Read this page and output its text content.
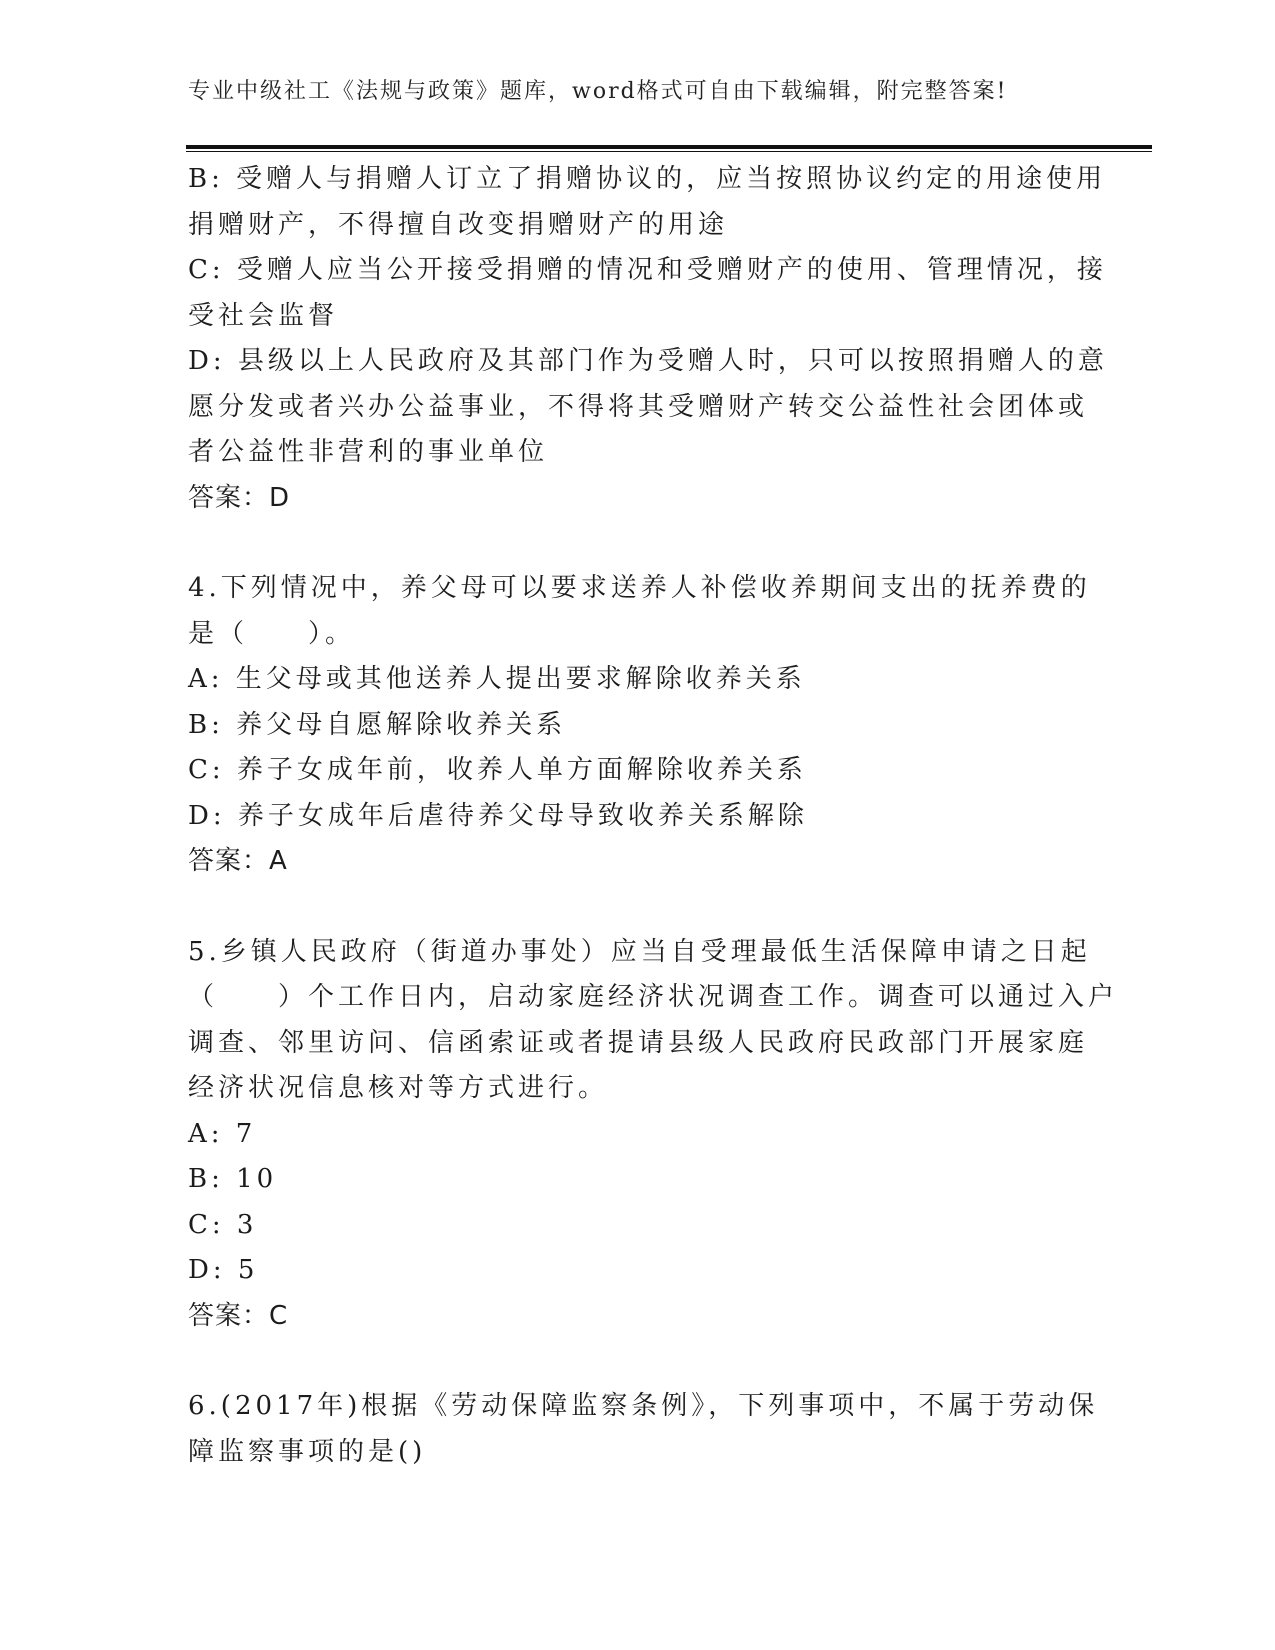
专业中级社工《法规与政策》题库，word格式可自由下载编辑，附完整答案!
B: 受赠人与捐赠人订立了捐赠协议的，应当按照协议约定的用途使用
捐赠财产，不得擅自改变捐赠财产的用途
C: 受赠人应当公开接受捐赠的情况和受赠财产的使用、管理情况，接
受社会监督
D: 县级以上人民政府及其部门作为受赠人时，只可以按照捐赠人的意
愿分发或者兴办公益事业，不得将其受赠财产转交公益性社会团体或
者公益性非营利的事业单位
答案：D
4.下列情况中，养父母可以要求送养人补偿收养期间支出的抚养费的
是（　　）。
A: 生父母或其他送养人提出要求解除收养关系
B: 养父母自愿解除收养关系
C: 养子女成年前，收养人单方面解除收养关系
D: 养子女成年后虐待养父母导致收养关系解除
答案：A
5.乡镇人民政府（街道办事处）应当自受理最低生活保障申请之日起
（　　）个工作日内，启动家庭经济状况调查工作。调查可以通过入户
调查、邻里访问、信函索证或者提请县级人民政府民政部门开展家庭
经济状况信息核对等方式进行。
A: 7
B: 10
C: 3
D: 5
答案：C
6.(2017年)根据《劳动保障监察条例》，下列事项中，不属于劳动保
障监察事项的是()
